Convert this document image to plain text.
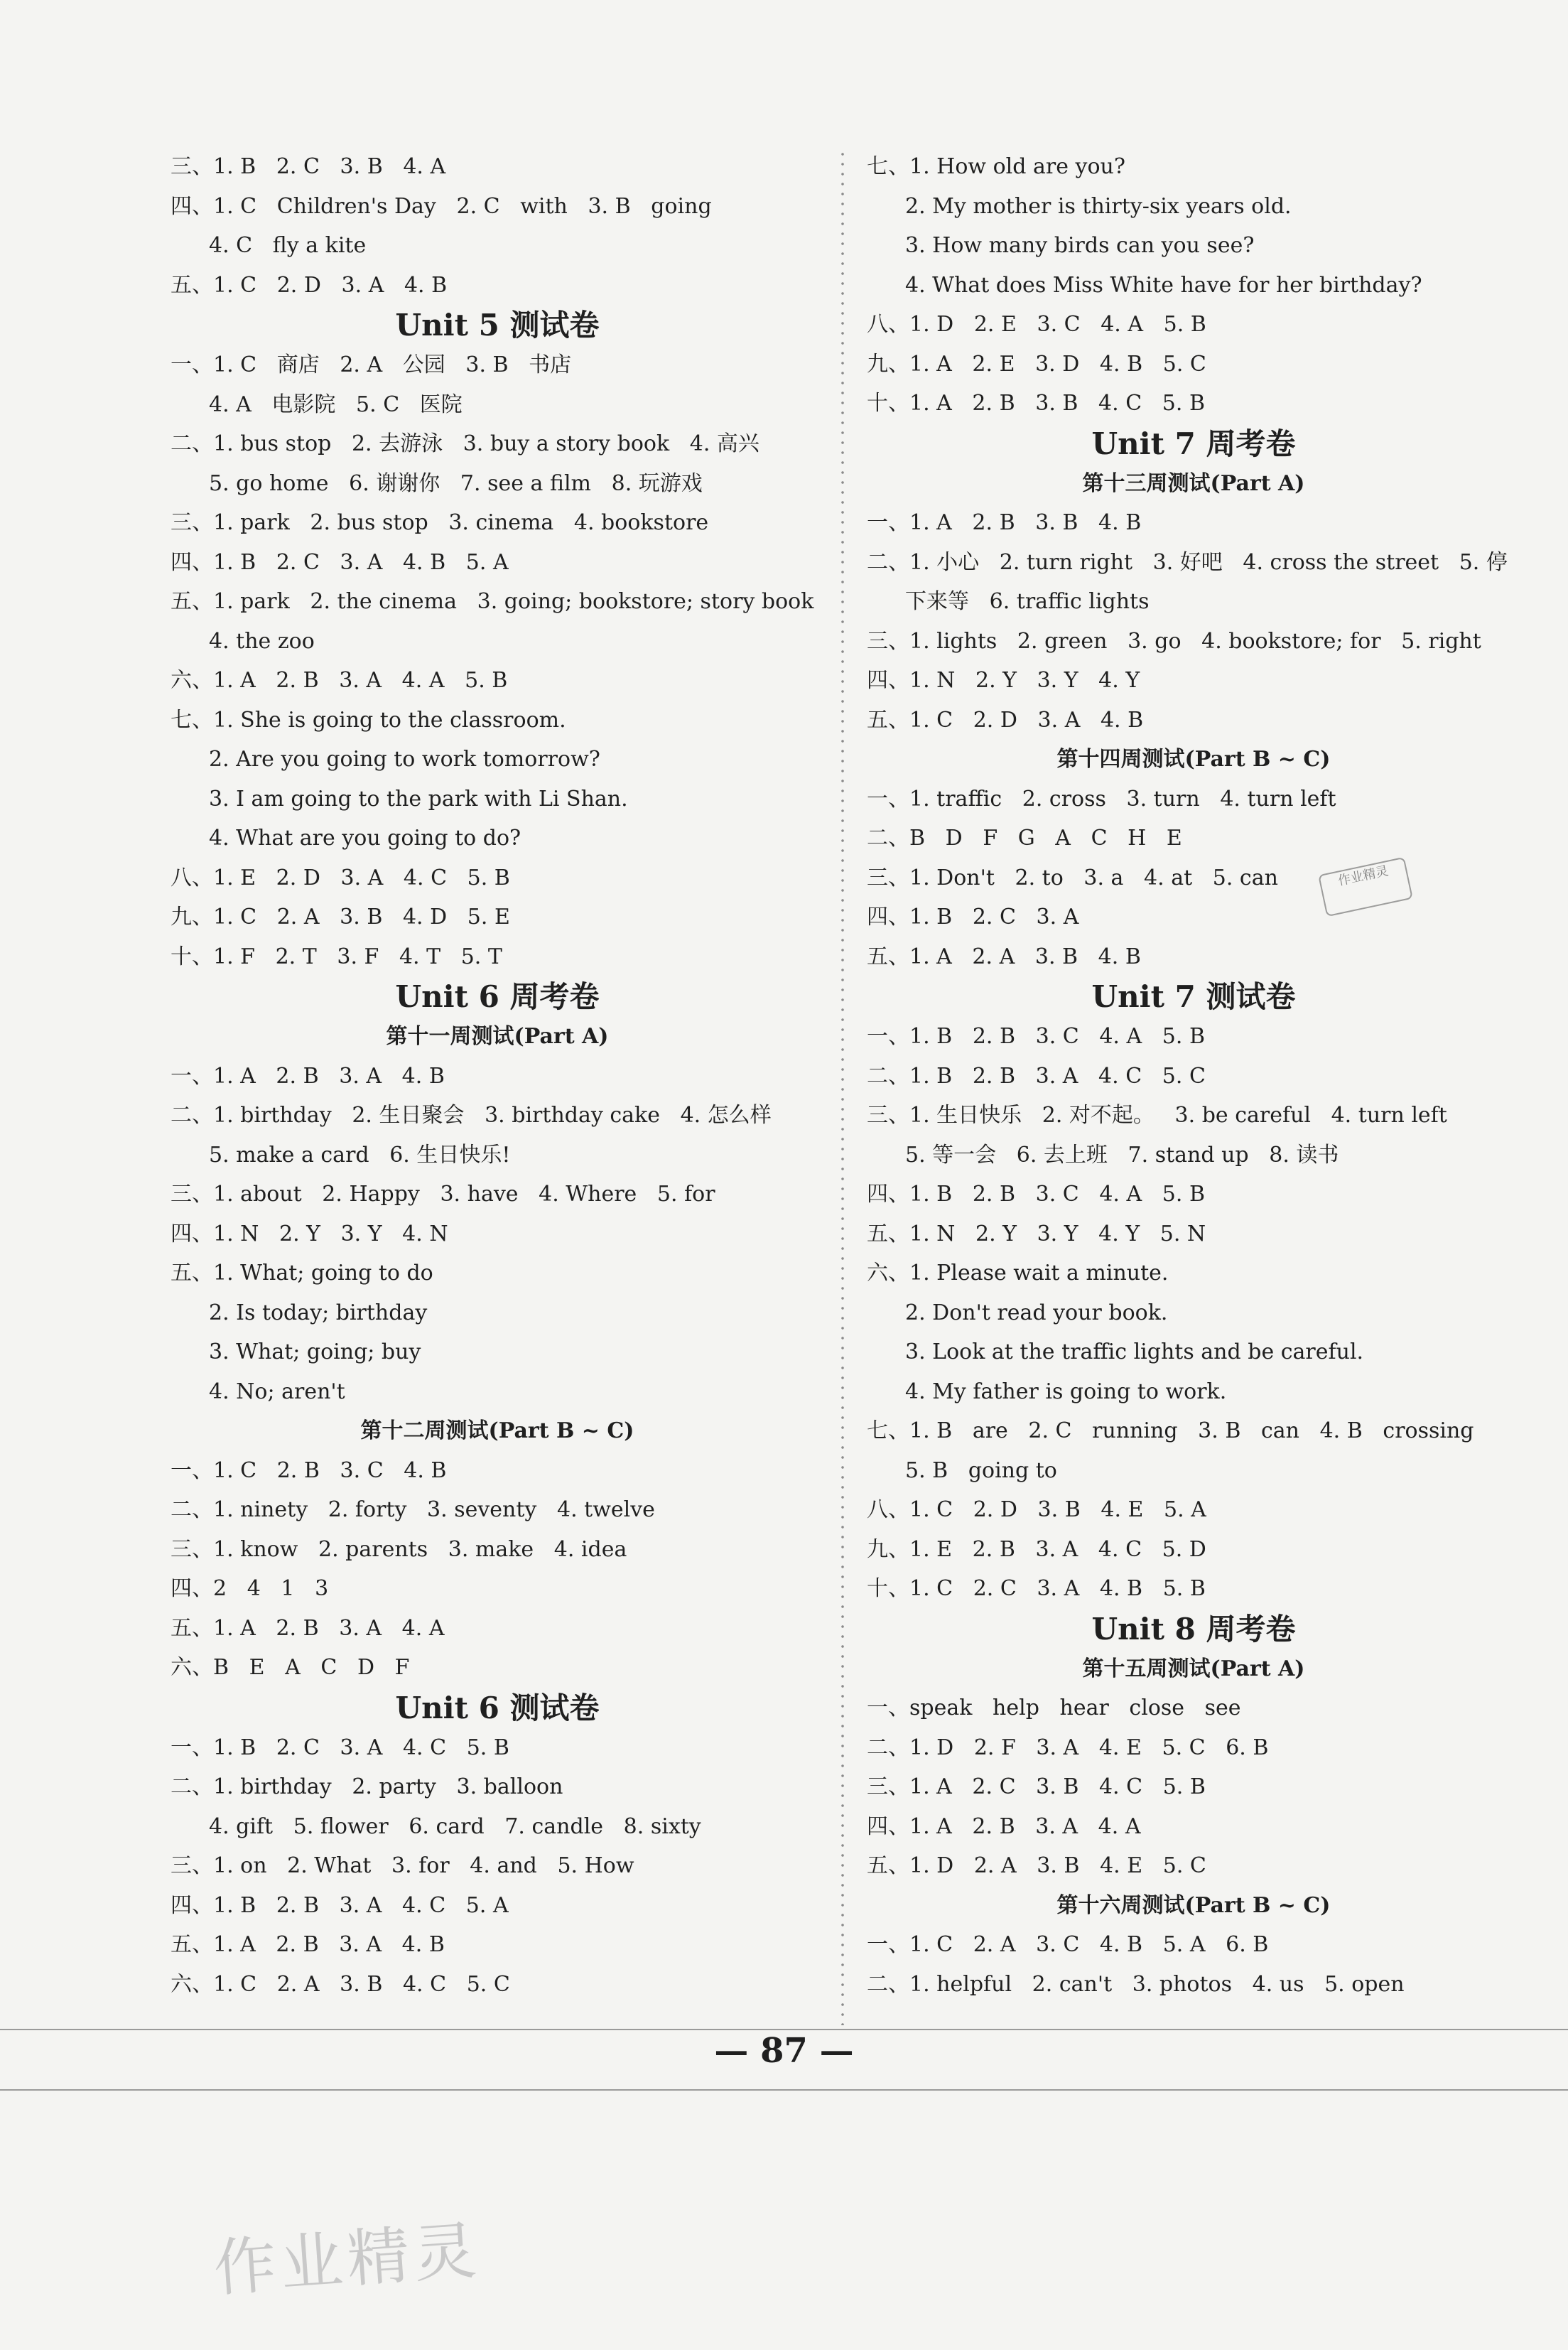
三、1. B   2. C   3. B   4. A
四、1. C   Children's Day   2. C   with   3. B   going
4. C   fly a kite
五、1. C   2. D   3. A   4. B
Unit 5 测试卷
一、1. C   商店   2. A   公园   3. B   书店
4. A   电影院   5. C   医院
二、1. bus stop   2. 去游泳   3. buy a story book   4. 高兴
5. go home   6. 谢谢你   7. see a film   8. 玩游戏
三、1. park   2. bus stop   3. cinema   4. bookstore
四、1. B   2. C   3. A   4. B   5. A
五、1. park   2. the cinema   3. going; bookstore; story book
4. the zoo
六、1. A   2. B   3. A   4. A   5. B
七、1. She is going to the classroom.
2. Are you going to work tomorrow?
3. I am going to the park with Li Shan.
4. What are you going to do?
八、1. E   2. D   3. A   4. C   5. B
九、1. C   2. A   3. B   4. D   5. E
十、1. F   2. T   3. F   4. T   5. T
Unit 6 周考卷
第十一周测试(Part A)
一、1. A   2. B   3. A   4. B
二、1. birthday   2. 生日聚会   3. birthday cake   4. 怎么样
5. make a card   6. 生日快乐!
三、1. about   2. Happy   3. have   4. Where   5. for
四、1. N   2. Y   3. Y   4. N
五、1. What; going to do
2. Is today; birthday
3. What; going; buy
4. No; aren't
第十二周测试(Part B ~ C)
一、1. C   2. B   3. C   4. B
二、1. ninety   2. forty   3. seventy   4. twelve
三、1. know   2. parents   3. make   4. idea
四、2   4   1   3
五、1. A   2. B   3. A   4. A
六、B   E   A   C   D   F
Unit 6 测试卷
一、1. B   2. C   3. A   4. C   5. B
二、1. birthday   2. party   3. balloon
4. gift   5. flower   6. card   7. candle   8. sixty
三、1. on   2. What   3. for   4. and   5. How
四、1. B   2. B   3. A   4. C   5. A
五、1. A   2. B   3. A   4. B
六、1. C   2. A   3. B   4. C   5. C
七、1. How old are you?
2. My mother is thirty-six years old.
3. How many birds can you see?
4. What does Miss White have for her birthday?
八、1. D   2. E   3. C   4. A   5. B
九、1. A   2. E   3. D   4. B   5. C
十、1. A   2. B   3. B   4. C   5. B
Unit 7 周考卷
第十三周测试(Part A)
一、1. A   2. B   3. B   4. B
二、1. 小心   2. turn right   3. 好吧   4. cross the street   5. 停
下来等   6. traffic lights
三、1. lights   2. green   3. go   4. bookstore; for   5. right
四、1. N   2. Y   3. Y   4. Y
五、1. C   2. D   3. A   4. B
第十四周测试(Part B ~ C)
一、1. traffic   2. cross   3. turn   4. turn left
二、B   D   F   G   A   C   H   E
三、1. Don't   2. to   3. a   4. at   5. can
四、1. B   2. C   3. A
五、1. A   2. A   3. B   4. B
Unit 7 测试卷
一、1. B   2. B   3. C   4. A   5. B
二、1. B   2. B   3. A   4. C   5. C
三、1. 生日快乐   2. 对不起。   3. be careful   4. turn left
5. 等一会   6. 去上班   7. stand up   8. 读书
四、1. B   2. B   3. C   4. A   5. B
五、1. N   2. Y   3. Y   4. Y   5. N
六、1. Please wait a minute.
2. Don't read your book.
3. Look at the traffic lights and be careful.
4. My father is going to work.
七、1. B   are   2. C   running   3. B   can   4. B   crossing
5. B   going to
八、1. C   2. D   3. B   4. E   5. A
九、1. E   2. B   3. A   4. C   5. D
十、1. C   2. C   3. A   4. B   5. B
Unit 8 周考卷
第十五周测试(Part A)
一、speak   help   hear   close   see
二、1. D   2. F   3. A   4. E   5. C   6. B
三、1. A   2. C   3. B   4. C   5. B
四、1. A   2. B   3. A   4. A
五、1. D   2. A   3. B   4. E   5. C
第十六周测试(Part B ~ C)
一、1. C   2. A   3. C   4. B   5. A   6. B
二、1. helpful   2. can't   3. photos   4. us   5. open
— 87 —
作业精灵
作业精灵
